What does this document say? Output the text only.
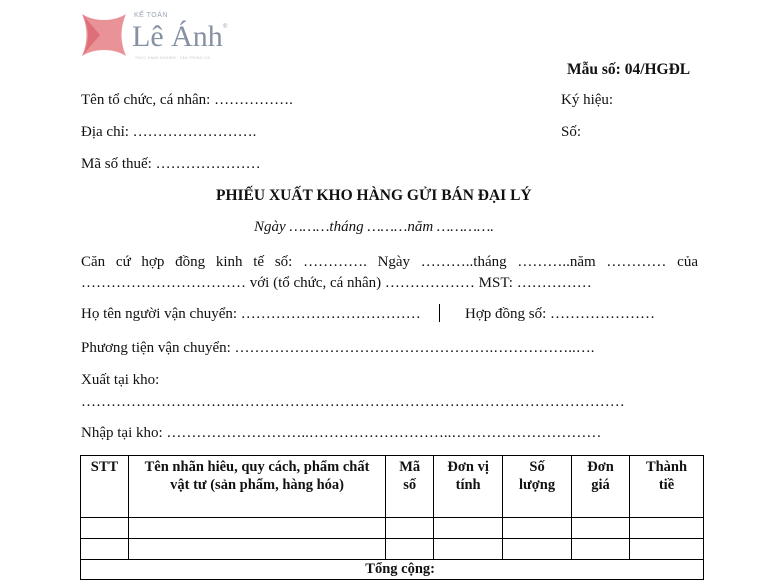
KẾ TOÁN
Lê Ánh ®
THỰC HÀNH NGHIỆM · TẬN TRUNG ƯA
Mẫu số: 04/HGĐL
Ký hiệu:
Số:
Tên tổ chức, cá nhân: …………….
Địa chỉ: …………………….
Mã số thuế: …………………
PHIẾU XUẤT KHO HÀNG GỬI BÁN ĐẠI LÝ
Ngày ………tháng ………năm ………….
Căn cứ hợp đồng kinh tế số: …………. Ngày ………..tháng ………..năm ………… của
…………………………… với (tổ chức, cá nhân) ……………… MST: ……………
Họ tên người vận chuyển: ………………………………	Hợp đồng số: …………………
Phương tiện vận chuyển: …………………………………………….……………..….
Xuất tại kho:
………………………….……………………………………………………………………
Nhập tại kho: ………………………..………………………..…………………………
STT	Tên nhãn hiêu, quy cách, phẩm chất vật tư (sản phẩm, hàng hóa)	Mã số	Đơn vị tính	Số lượng	Đơn giá	Thành tiề

Tổng cộng:						
